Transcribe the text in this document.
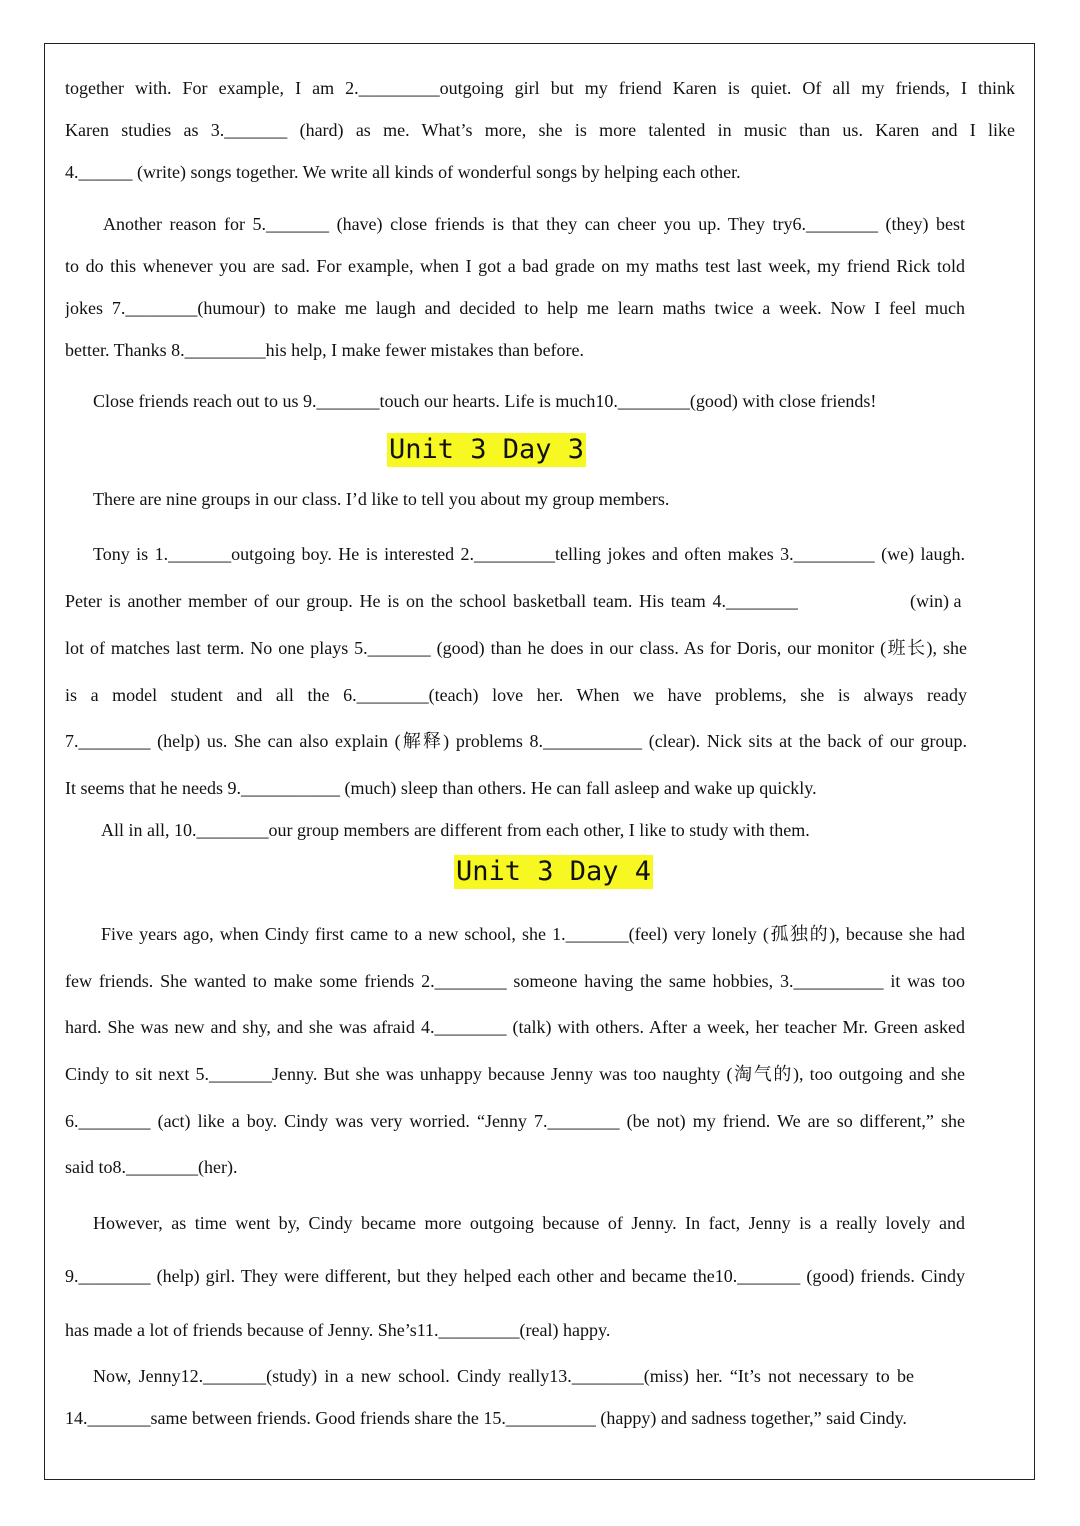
together with. For example, I am 2._________outgoing girl but my friend Karen is quiet. Of all my friends, I think
Karen studies as 3._______ (hard) as me. What’s more, she is more talented in music than us. Karen and I like
4.______ (write) songs together. We write all kinds of wonderful songs by helping each other.
Another reason for 5._______ (have) close friends is that they can cheer you up. They try6.________ (they) best
to do this whenever you are sad. For example, when I got a bad grade on my maths test last week, my friend Rick told
jokes 7.________(humour) to make me laugh and decided to help me learn maths twice a week. Now I feel much
better. Thanks 8._________his help, I make fewer mistakes than before.
Close friends reach out to us 9._______touch our hearts. Life is much10.________(good) with close friends!
Unit 3 Day 3
There are nine groups in our class. I’d like to tell you about my group members.
Tony is 1._______outgoing boy. He is interested 2._________telling jokes and often makes 3._________ (we) laugh.
Peter is another member of our group. He is on the school basketball team. His team 4.________	(win) a
lot of matches last term. No one plays 5._______ (good) than he does in our class. As for Doris, our monitor (班长), she
is a model student and all the 6.________(teach) love her. When we have problems, she is always ready
7.________ (help) us. She can also explain (解释) problems 8.___________ (clear). Nick sits at the back of our group.
It seems that he needs 9.___________ (much) sleep than others. He can fall asleep and wake up quickly.
All in all, 10.________our group members are different from each other, I like to study with them.
Unit 3 Day 4
Five years ago, when Cindy first came to a new school, she 1._______(feel) very lonely (孤独的), because she had
few friends. She wanted to make some friends 2.________ someone having the same hobbies, 3.__________ it was too
hard. She was new and shy, and she was afraid 4.________ (talk) with others. After a week, her teacher Mr. Green asked
Cindy to sit next 5._______Jenny. But she was unhappy because Jenny was too naughty (淘气的), too outgoing and she
6.________ (act) like a boy. Cindy was very worried. “Jenny 7.________ (be not) my friend. We are so different,” she
said to8.________(her).
However, as time went by, Cindy became more outgoing because of Jenny. In fact, Jenny is a really lovely and
9.________ (help) girl. They were different, but they helped each other and became the10._______ (good) friends. Cindy
has made a lot of friends because of Jenny. She’s11._________(real) happy.
Now, Jenny12._______(study) in a new school. Cindy really13.________(miss) her. “It’s not necessary to be
14._______same between friends. Good friends share the 15.__________ (happy) and sadness together,” said Cindy.
